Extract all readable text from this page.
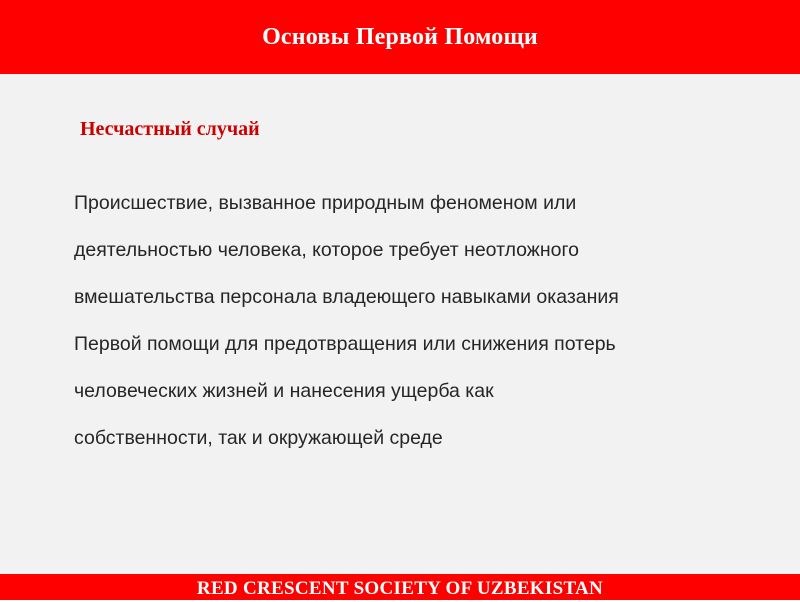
Основы Первой Помощи
Несчастный случай
Происшествие, вызванное природным феноменом или
деятельностью человека, которое требует неотложного
вмешательства персонала владеющего навыками оказания
Первой помощи для предотвращения или снижения потерь
человеческих жизней и нанесения ущерба как
собственности, так и окружающей среде
RED CRESCENT SOCIETY OF UZBEKISTAN
